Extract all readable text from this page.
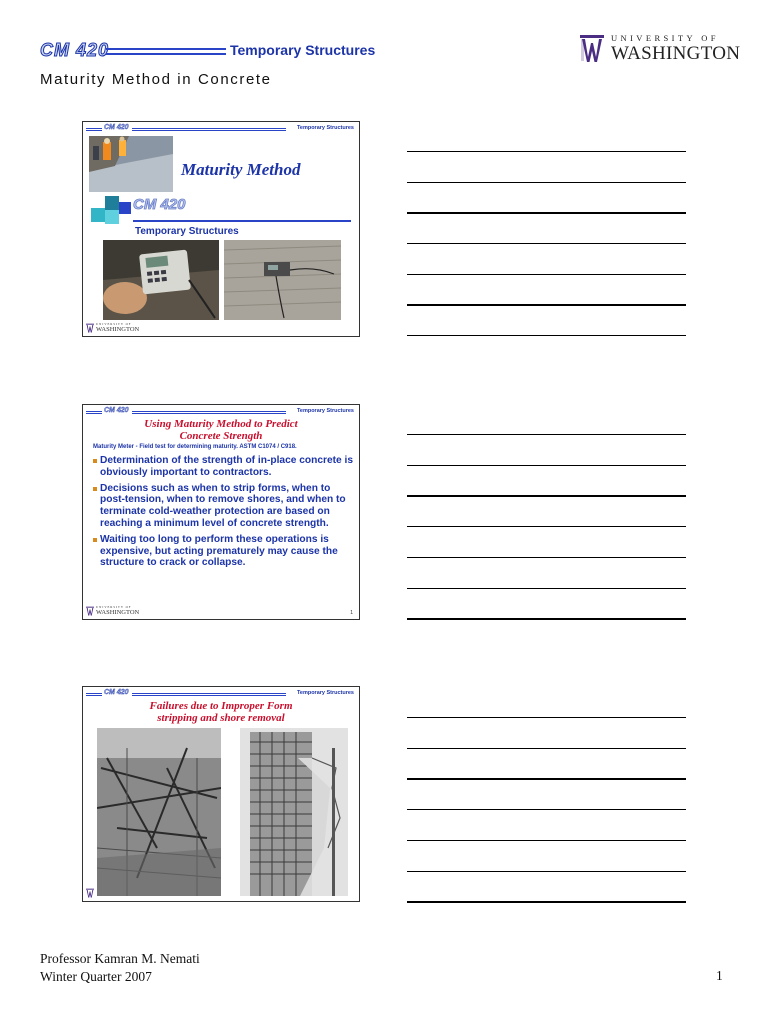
CM 420	Temporary Structures
Maturity Method in Concrete
UNIVERSITY OF
WASHINGTON
CM 420	Temporary Structures
Maturity Method
CM 420
Temporary Structures
UNIVERSITY OF
WASHINGTON
CM 420	Temporary Structures
Using Maturity Method to Predict
Concrete Strength
Maturity Meter - Field test for determining maturity. ASTM C1074 / C918.
Determination of the strength of in-place concrete is obviously important to contractors.
Decisions such as when to strip forms, when to post-tension, when to remove shores, and when to terminate cold-weather protection are based on reaching a minimum level of concrete strength.
Waiting too long to perform these operations is expensive, but acting prematurely may cause the structure to crack or collapse.
1
UNIVERSITY OF
WASHINGTON
CM 420	Temporary Structures
Failures due to Improper Form
stripping and shore removal
Professor Kamran M. Nemati
Winter Quarter 2007	1
